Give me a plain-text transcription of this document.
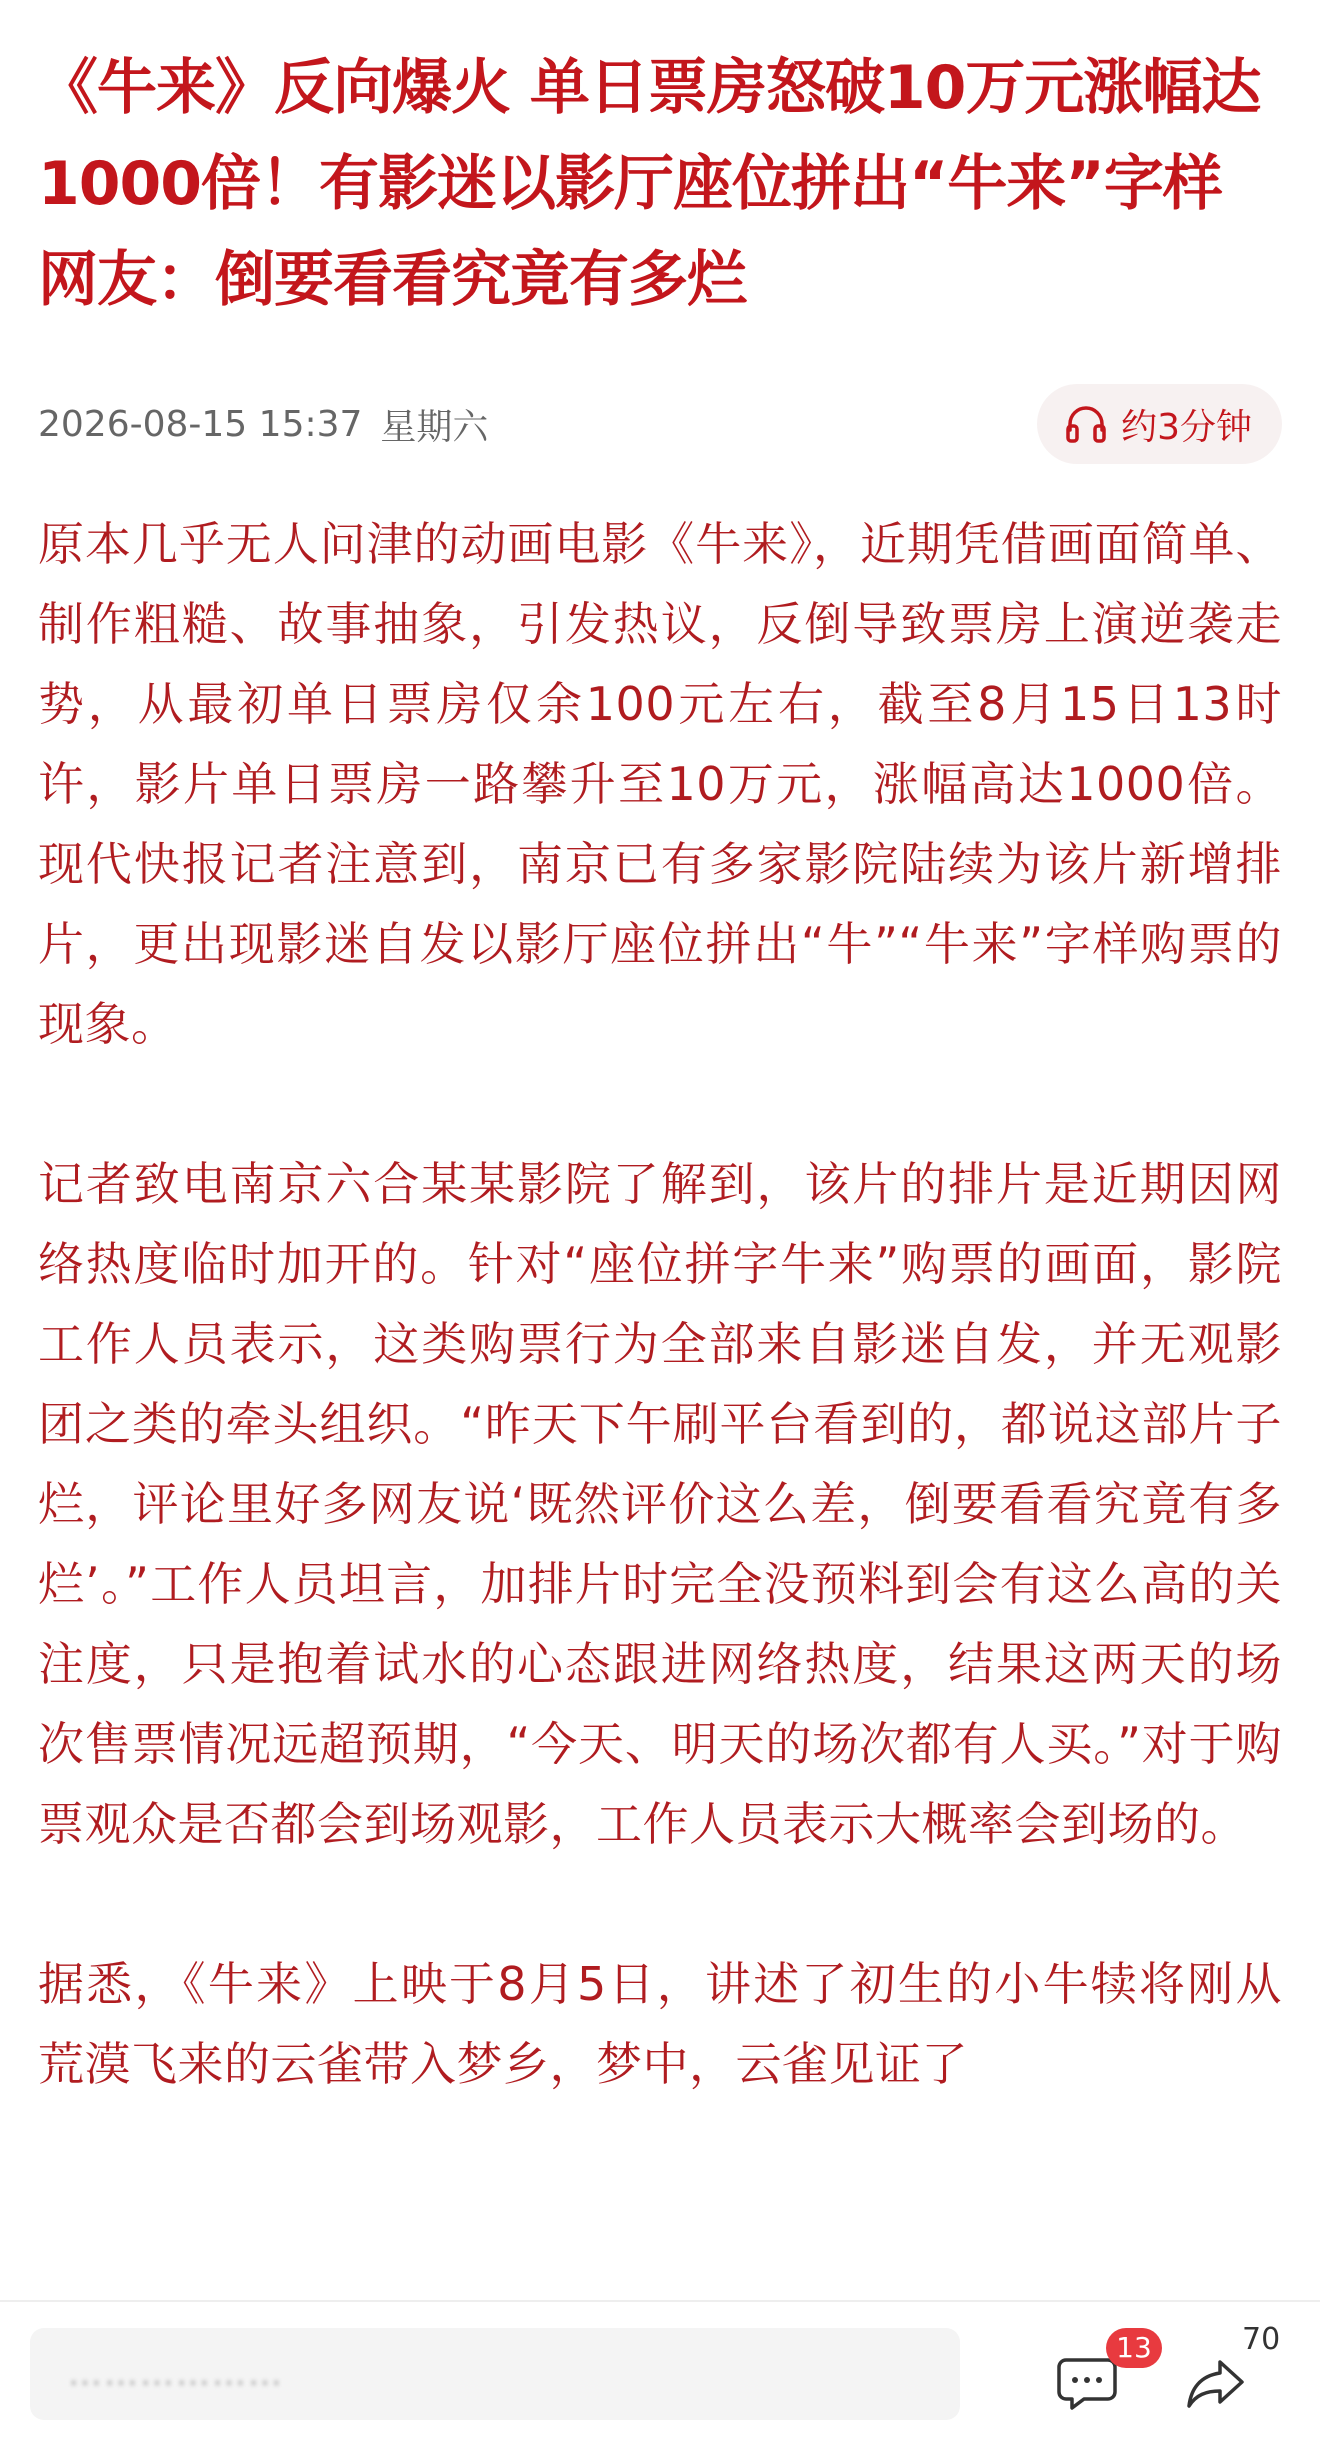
《牛来》反向爆火 单日票房怒破10万元涨幅达1000倍！有影迷以影厅座位拼出“牛来”字样 网友：倒要看看究竟有多烂
2026-08-15 15:37 星期六	约3分钟

原本几乎无人问津的动画电影《牛来》，近期凭借画面简单、制作粗糙、故事抽象，引发热议，反倒导致票房上演逆袭走势，从最初单日票房仅余100元左右，截至8月15日13时许，影片单日票房一路攀升至10万元，涨幅高达1000倍。现代快报记者注意到，南京已有多家影院陆续为该片新增排片，更出现影迷自发以影厅座位拼出“牛”“牛来”字样购票的现象。

记者致电南京六合某某影院了解到，该片的排片是近期因网络热度临时加开的。针对“座位拼字牛来”购票的画面，影院工作人员表示，这类购票行为全部来自影迷自发，并无观影团之类的牵头组织。“昨天下午刷平台看到的，都说这部片子烂，评论里好多网友说‘既然评价这么差，倒要看看究竟有多烂’。”工作人员坦言，加排片时完全没预料到会有这么高的关注度，只是抱着试水的心态跟进网络热度，结果这两天的场次售票情况远超预期，“今天、明天的场次都有人买。”对于购票观众是否都会到场观影，工作人员表示大概率会到场的。

据悉，《牛来》上映于8月5日，讲述了初生的小牛犊将刚从荒漠飞来的云雀带入梦乡，梦中，云雀见证了

………………
13	70
